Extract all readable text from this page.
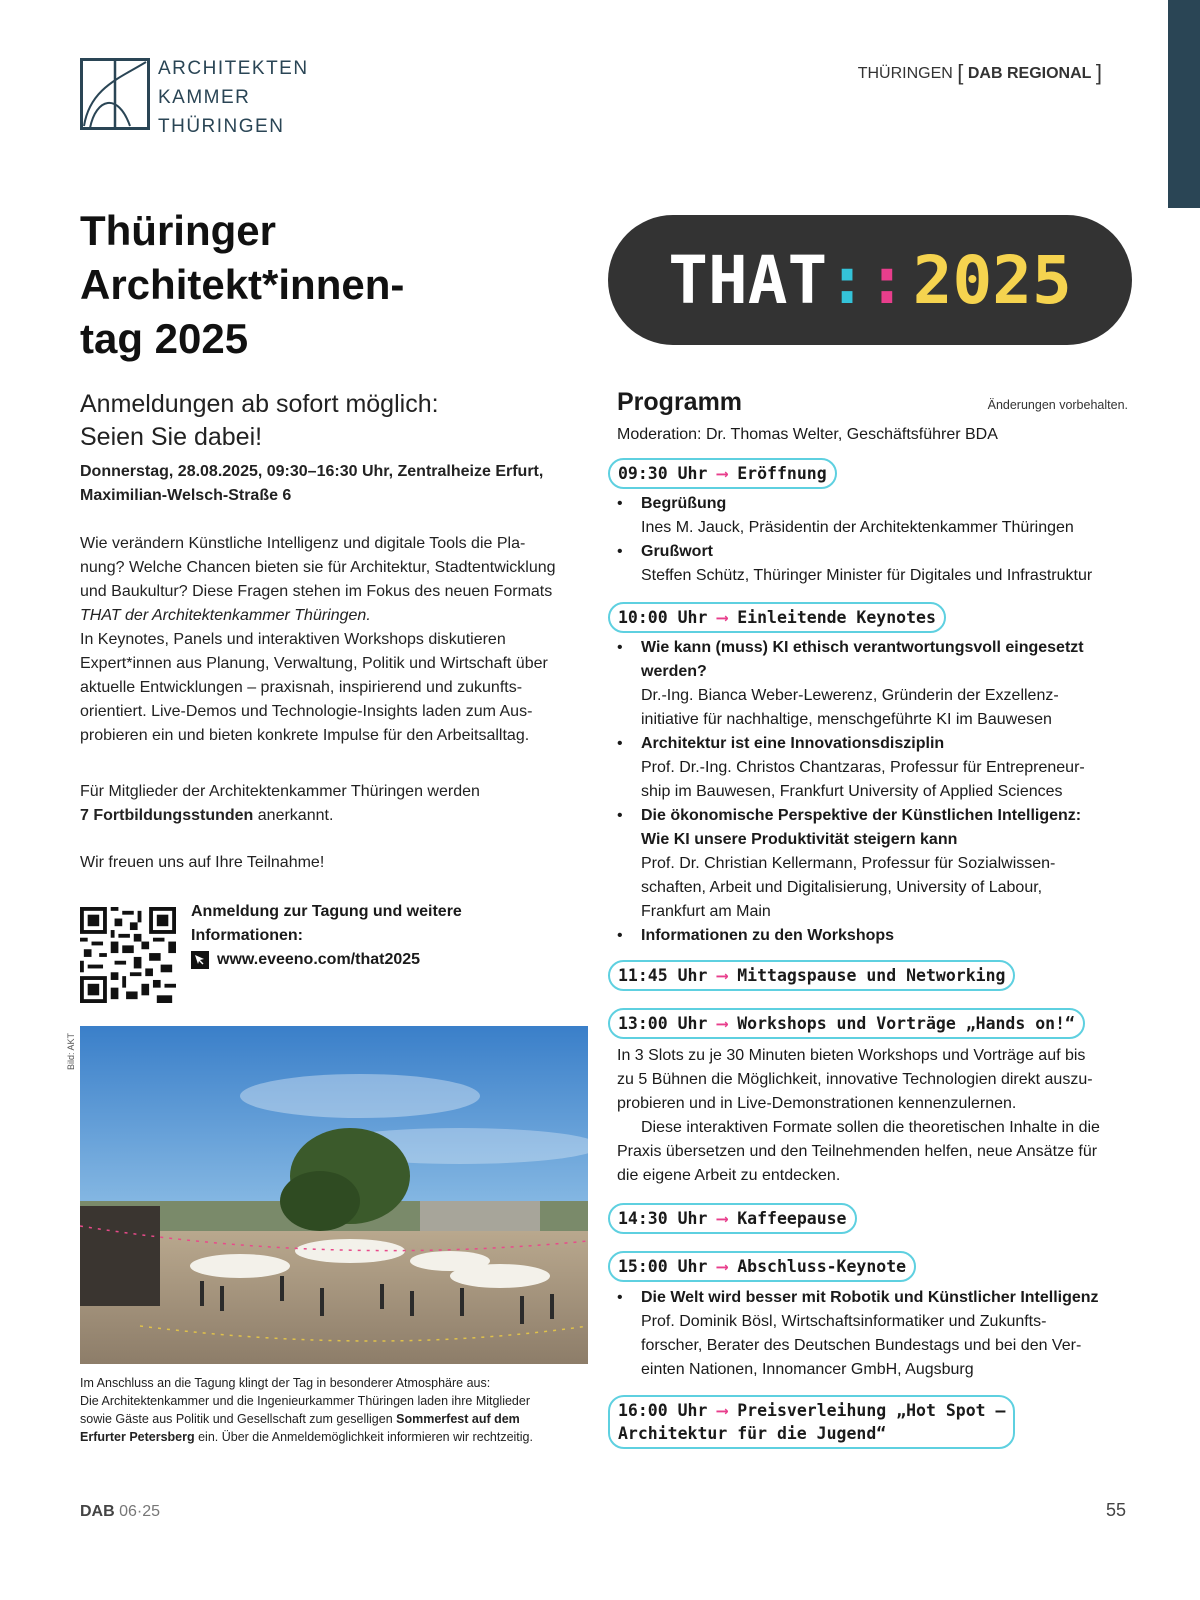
ARCHITEKTEN
KAMMER
THÜRINGEN
THÜRINGEN [ DAB REGIONAL ]
Thüringer
Architekt*innen-
tag 2025
THAT : : 2025
Anmeldungen ab sofort möglich:
Seien Sie dabei!
Donnerstag, 28.08.2025, 09:30–16:30 Uhr, Zentralheize Erfurt,
Maximilian-Welsch-Straße 6
Wie verändern Künstliche Intelligenz und digitale Tools die Pla-
nung? Welche Chancen bieten sie für Architektur, Stadtentwicklung
und Baukultur? Diese Fragen stehen im Fokus des neuen Formats
THAT der Architektenkammer Thüringen.
In Keynotes, Panels und interaktiven Workshops diskutieren
Expert*innen aus Planung, Verwaltung, Politik und Wirtschaft über
aktuelle Entwicklungen – praxisnah, inspirierend und zukunfts-
orientiert. Live-Demos und Technologie-Insights laden zum Aus-
probieren ein und bieten konkrete Impulse für den Arbeitsalltag.
Für Mitglieder der Architektenkammer Thüringen werden
7 Fortbildungsstunden anerkannt.
Wir freuen uns auf Ihre Teilnahme!
Anmeldung zur Tagung und weitere
Informationen:
www.eveeno.com/that2025
Bild: AKT
Im Anschluss an die Tagung klingt der Tag in besonderer Atmosphäre aus:
Die Architektenkammer und die Ingenieurkammer Thüringen laden ihre Mitglieder
sowie Gäste aus Politik und Gesellschaft zum geselligen Sommerfest auf dem
Erfurter Petersberg ein. Über die Anmeldemöglichkeit informieren wir rechtzeitig.
Programm	Änderungen vorbehalten.
Moderation: Dr. Thomas Welter, Geschäftsführer BDA
09:30 Uhr ⟶ Eröffnung
• Begrüßung
Ines M. Jauck, Präsidentin der Architektenkammer Thüringen
• Grußwort
Steffen Schütz, Thüringer Minister für Digitales und Infrastruktur
10:00 Uhr ⟶ Einleitende Keynotes
• Wie kann (muss) KI ethisch verantwortungsvoll eingesetzt
werden?
Dr.-Ing. Bianca Weber-Lewerenz, Gründerin der Exzellenz-
initiative für nachhaltige, menschgeführte KI im Bauwesen
• Architektur ist eine Innovationsdisziplin
Prof. Dr.-Ing. Christos Chantzaras, Professur für Entrepreneur-
ship im Bauwesen, Frankfurt University of Applied Sciences
• Die ökonomische Perspektive der Künstlichen Intelligenz:
Wie KI unsere Produktivität steigern kann
Prof. Dr. Christian Kellermann, Professur für Sozialwissen-
schaften, Arbeit und Digitalisierung, University of Labour,
Frankfurt am Main
• Informationen zu den Workshops
11:45 Uhr ⟶ Mittagspause und Networking
13:00 Uhr ⟶ Workshops und Vorträge „Hands on!“
In 3 Slots zu je 30 Minuten bieten Workshops und Vorträge auf bis
zu 5 Bühnen die Möglichkeit, innovative Technologien direkt auszu-
probieren und in Live-Demonstrationen kennenzulernen.
Diese interaktiven Formate sollen die theoretischen Inhalte in die
Praxis übersetzen und den Teilnehmenden helfen, neue Ansätze für
die eigene Arbeit zu entdecken.
14:30 Uhr ⟶ Kaffeepause
15:00 Uhr ⟶ Abschluss-Keynote
• Die Welt wird besser mit Robotik und Künstlicher Intelligenz
Prof. Dominik Bösl, Wirtschaftsinformatiker und Zukunfts-
forscher, Berater des Deutschen Bundestags und bei den Ver-
einten Nationen, Innomancer GmbH, Augsburg
16:00 Uhr ⟶ Preisverleihung „Hot Spot –
Architektur für die Jugend“
DAB 06·25	55
